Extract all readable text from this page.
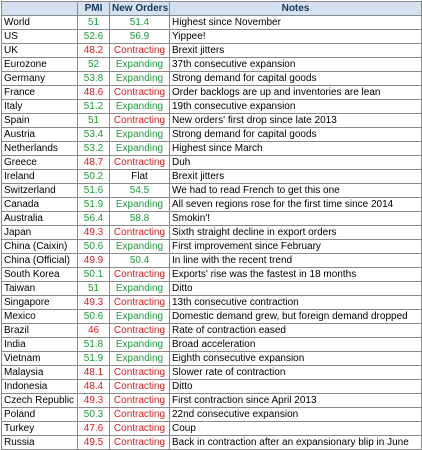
	PMI	New Orders	Notes
World	51	51.4	Highest since November
US	52.6	56.9	Yippee!
UK	48.2	Contracting	Brexit jitters
Eurozone	52	Expanding	37th consecutive expansion
Germany	53.8	Expanding	Strong demand for capital goods
France	48.6	Contracting	Order backlogs are up and inventories are lean
Italy	51.2	Expanding	19th consecutive expansion
Spain	51	Contracting	New orders' first drop since late 2013
Austria	53.4	Expanding	Strong demand for capital goods
Netherlands	53.2	Expanding	Highest since March
Greece	48.7	Contracting	Duh
Ireland	50.2	Flat	Brexit jitters
Switzerland	51.6	54.5	We had to read French to get this one
Canada	51.9	Expanding	All seven regions rose for the first time since 2014
Australia	56.4	58.8	Smokin'!
Japan	49.3	Contracting	Sixth straight decline in export orders
China (Caixin)	50.6	Expanding	First improvement since February
China (Official)	49.9	50.4	In line with the recent trend
South Korea	50.1	Contracting	Exports' rise was the fastest in 18 months
Taiwan	51	Expanding	Ditto
Singapore	49.3	Contracting	13th consecutive contraction
Mexico	50.6	Expanding	Domestic demand grew, but foreign demand dropped
Brazil	46	Contracting	Rate of contraction eased
India	51.8	Expanding	Broad acceleration
Vietnam	51.9	Expanding	Eighth consecutive expansion
Malaysia	48.1	Contracting	Slower rate of contraction
Indonesia	48.4	Contracting	Ditto
Czech Republic	49.3	Contracting	First contraction since April 2013
Poland	50.3	Contracting	22nd consecutive expansion
Turkey	47.6	Contracting	Coup
Russia	49.5	Contracting	Back in contraction after an expansionary blip in June
